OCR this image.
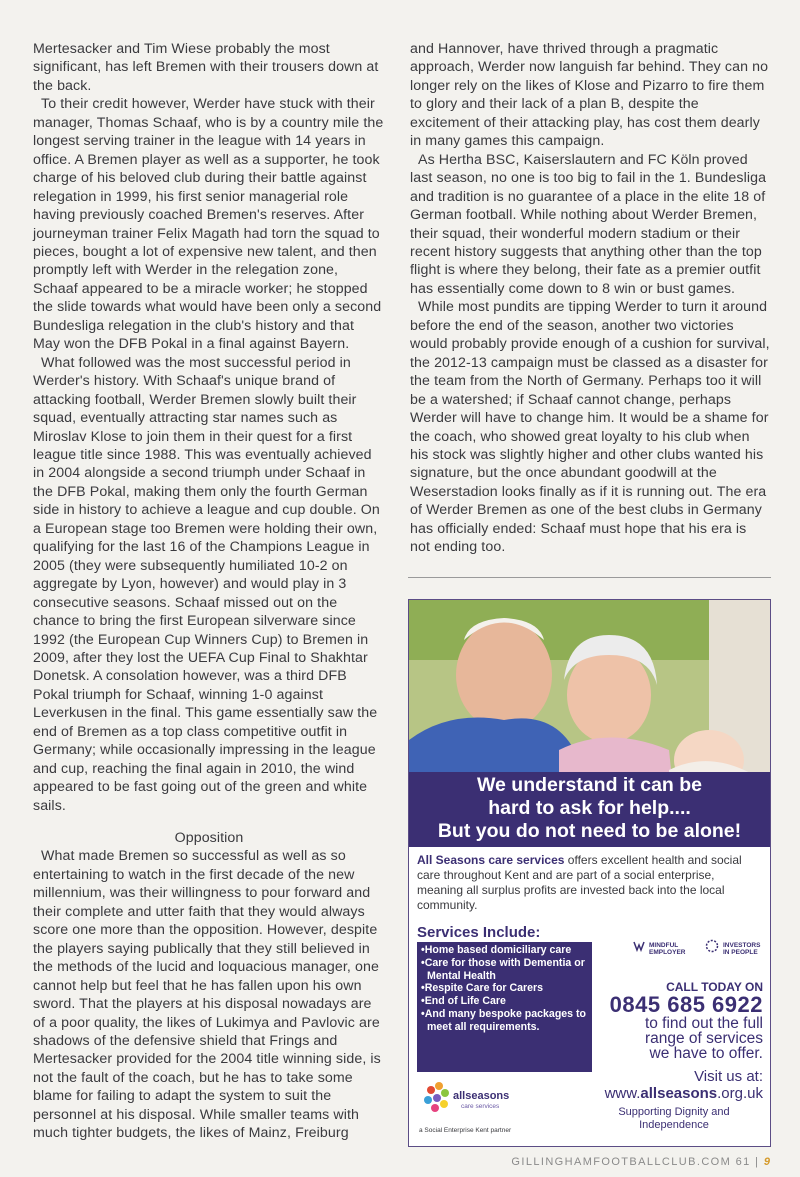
Mertesacker and Tim Wiese probably the most significant, has left Bremen with their trousers down at the back.

To their credit however, Werder have stuck with their manager, Thomas Schaaf, who is by a country mile the longest serving trainer in the league with 14 years in office. A Bremen player as well as a supporter, he took charge of his beloved club during their battle against relegation in 1999, his first senior managerial role having previously coached Bremen's reserves. After journeyman trainer Felix Magath had torn the squad to pieces, bought a lot of expensive new talent, and then promptly left with Werder in the relegation zone, Schaaf appeared to be a miracle worker; he stopped the slide towards what would have been only a second Bundesliga relegation in the club's history and that May won the DFB Pokal in a final against Bayern.

What followed was the most successful period in Werder's history. With Schaaf's unique brand of attacking football, Werder Bremen slowly built their squad, eventually attracting star names such as Miroslav Klose to join them in their quest for a first league title since 1988. This was eventually achieved in 2004 alongside a second triumph under Schaaf in the DFB Pokal, making them only the fourth German side in history to achieve a league and cup double. On a European stage too Bremen were holding their own, qualifying for the last 16 of the Champions League in 2005 (they were subsequently humiliated 10-2 on aggregate by Lyon, however) and would play in 3 consecutive seasons. Schaaf missed out on the chance to bring the first European silverware since 1992 (the European Cup Winners Cup) to Bremen in 2009, after they lost the UEFA Cup Final to Shakhtar Donetsk. A consolation however, was a third DFB Pokal triumph for Schaaf, winning 1-0 against Leverkusen in the final. This game essentially saw the end of Bremen as a top class competitive outfit in Germany; while occasionally impressing in the league and cup, reaching the final again in 2010, the wind appeared to be fast going out of the green and white sails.

Opposition

What made Bremen so successful as well as so entertaining to watch in the first decade of the new millennium, was their willingness to pour forward and their complete and utter faith that they would always score one more than the opposition. However, despite the players saying publically that they still believed in the methods of the lucid and loquacious manager, one cannot help but feel that he has fallen upon his own sword. That the players at his disposal nowadays are of a poor quality, the likes of Lukimya and Pavlovic are shadows of the defensive shield that Frings and Mertesacker provided for the 2004 title winning side, is not the fault of the coach, but he has to take some blame for failing to adapt the system to suit the personnel at his disposal. While smaller teams with much tighter budgets, the likes of Mainz, Freiburg

and Hannover, have thrived through a pragmatic approach, Werder now languish far behind. They can no longer rely on the likes of Klose and Pizarro to fire them to glory and their lack of a plan B, despite the excitement of their attacking play, has cost them dearly in many games this campaign.

As Hertha BSC, Kaiserslautern and FC Köln proved last season, no one is too big to fail in the 1. Bundesliga and tradition is no guarantee of a place in the elite 18 of German football. While nothing about Werder Bremen, their squad, their wonderful modern stadium or their recent history suggests that anything other than the top flight is where they belong, their fate as a premier outfit has essentially come down to 8 win or bust games.

While most pundits are tipping Werder to turn it around before the end of the season, another two victories would probably provide enough of a cushion for survival, the 2012-13 campaign must be classed as a disaster for the team from the North of Germany. Perhaps too it will be a watershed; if Schaaf cannot change, perhaps Werder will have to change him. It would be a shame for the coach, who showed great loyalty to his club when his stock was slightly higher and other clubs wanted his signature, but the once abundant goodwill at the Weserstadion looks finally as if it is running out. The era of Werder Bremen as one of the best clubs in Germany has officially ended: Schaaf must hope that his era is not ending too.

We understand it can be
hard to ask for help....
But you do not need to be alone!
All Seasons care services offers excellent health and social care throughout Kent and are part of a social enterprise, meaning all surplus profits are invested back into the local community.
Services Include:
•Home based domiciliary care
•Care for those with Dementia or Mental Health
•Respite Care for Carers
•End of Life Care
•And many bespoke packages to meet all requirements.
MINDFUL EMPLOYER
INVESTORS IN PEOPLE
CALL TODAY ON
0845 685 6922
to find out the full
range of services
we have to offer.
Visit us at:
www.allseasons.org.uk
Supporting Dignity and Independence
allseasons
care services
a Social Enterprise Kent partner
GILLINGHAMFOOTBALLCLUB.COM 61 | 9
